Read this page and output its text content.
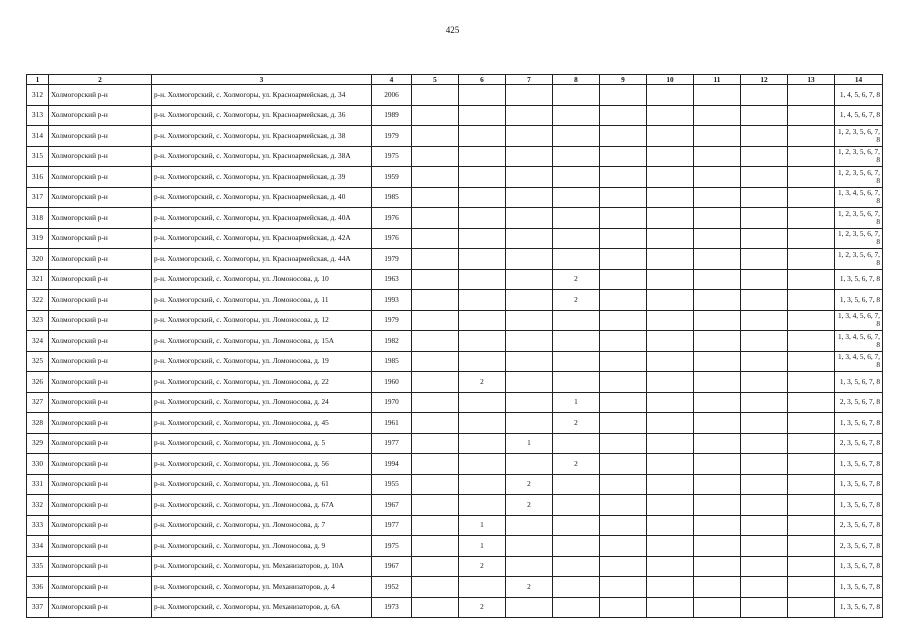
425
1	2	3	4	5	6	7	8	9	10	11	12	13	14
312	Холмогорский р-н	р-н. Холмогорский, с. Холмогоры, ул. Красноармейская, д. 34	2006										1, 4, 5, 6, 7, 8
313	Холмогорский р-н	р-н. Холмогорский, с. Холмогоры, ул. Красноармейская, д. 36	1989										1, 4, 5, 6, 7, 8
314	Холмогорский р-н	р-н. Холмогорский, с. Холмогоры, ул. Красноармейская, д. 38	1979										1, 2, 3, 5, 6, 7, 8
315	Холмогорский р-н	р-н. Холмогорский, с. Холмогоры, ул. Красноармейская, д. 38А	1975										1, 2, 3, 5, 6, 7, 8
316	Холмогорский р-н	р-н. Холмогорский, с. Холмогоры, ул. Красноармейская, д. 39	1959										1, 2, 3, 5, 6, 7, 8
317	Холмогорский р-н	р-н. Холмогорский, с. Холмогоры, ул. Красноармейская, д. 40	1985										1, 3, 4, 5, 6, 7, 8
318	Холмогорский р-н	р-н. Холмогорский, с. Холмогоры, ул. Красноармейская, д. 40А	1976										1, 2, 3, 5, 6, 7, 8
319	Холмогорский р-н	р-н. Холмогорский, с. Холмогоры, ул. Красноармейская, д. 42А	1976										1, 2, 3, 5, 6, 7, 8
320	Холмогорский р-н	р-н. Холмогорский, с. Холмогоры, ул. Красноармейская, д. 44А	1979										1, 2, 3, 5, 6, 7, 8
321	Холмогорский р-н	р-н. Холмогорский, с. Холмогоры, ул. Ломоносова, д. 10	1963				2						1, 3, 5, 6, 7, 8
322	Холмогорский р-н	р-н. Холмогорский, с. Холмогоры, ул. Ломоносова, д. 11	1993				2						1, 3, 5, 6, 7, 8
323	Холмогорский р-н	р-н. Холмогорский, с. Холмогоры, ул. Ломоносова, д. 12	1979										1, 3, 4, 5, 6, 7, 8
324	Холмогорский р-н	р-н. Холмогорский, с. Холмогоры, ул. Ломоносова, д. 15А	1982										1, 3, 4, 5, 6, 7, 8
325	Холмогорский р-н	р-н. Холмогорский, с. Холмогоры, ул. Ломоносова, д. 19	1985										1, 3, 4, 5, 6, 7, 8
326	Холмогорский р-н	р-н. Холмогорский, с. Холмогоры, ул. Ломоносова, д. 22	1960		2								1, 3, 5, 6, 7, 8
327	Холмогорский р-н	р-н. Холмогорский, с. Холмогоры, ул. Ломоносова, д. 24	1970				1						2, 3, 5, 6, 7, 8
328	Холмогорский р-н	р-н. Холмогорский, с. Холмогоры, ул. Ломоносова, д. 45	1961				2						1, 3, 5, 6, 7, 8
329	Холмогорский р-н	р-н. Холмогорский, с. Холмогоры, ул. Ломоносова, д. 5	1977			1							2, 3, 5, 6, 7, 8
330	Холмогорский р-н	р-н. Холмогорский, с. Холмогоры, ул. Ломоносова, д. 56	1994				2						1, 3, 5, 6, 7, 8
331	Холмогорский р-н	р-н. Холмогорский, с. Холмогоры, ул. Ломоносова, д. 61	1955			2							1, 3, 5, 6, 7, 8
332	Холмогорский р-н	р-н. Холмогорский, с. Холмогоры, ул. Ломоносова, д. 67А	1967			2							1, 3, 5, 6, 7, 8
333	Холмогорский р-н	р-н. Холмогорский, с. Холмогоры, ул. Ломоносова, д. 7	1977		1								2, 3, 5, 6, 7, 8
334	Холмогорский р-н	р-н. Холмогорский, с. Холмогоры, ул. Ломоносова, д. 9	1975		1								2, 3, 5, 6, 7, 8
335	Холмогорский р-н	р-н. Холмогорский, с. Холмогоры, ул. Механизаторов, д. 10А	1967		2								1, 3, 5, 6, 7, 8
336	Холмогорский р-н	р-н. Холмогорский, с. Холмогоры, ул. Механизаторов, д. 4	1952			2							1, 3, 5, 6, 7, 8
337	Холмогорский р-н	р-н. Холмогорский, с. Холмогоры, ул. Механизаторов, д. 6А	1973		2								1, 3, 5, 6, 7, 8
